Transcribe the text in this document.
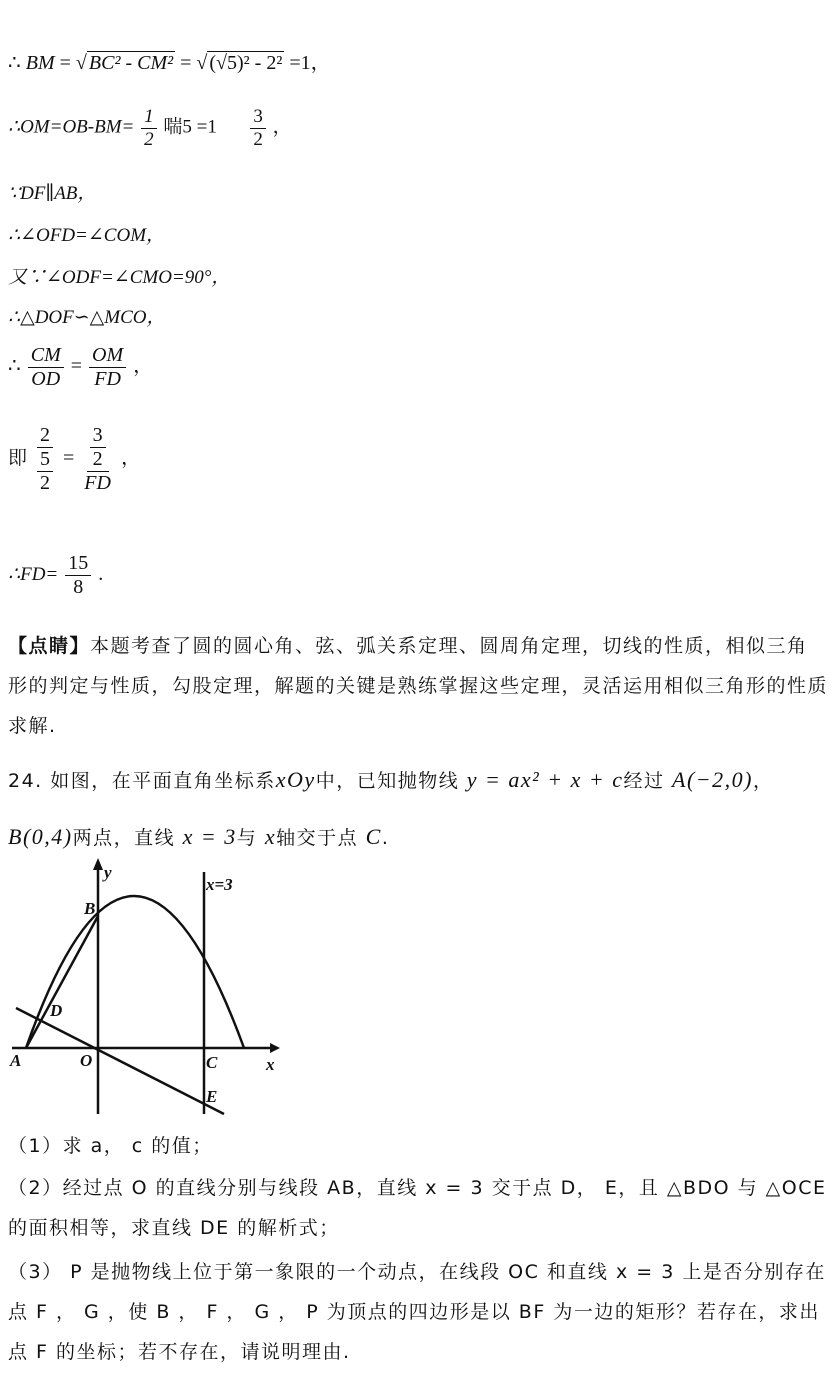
∴ BM = √ BC² - CM² = √ (√5)² - 2² =1，
∴OM=OB-BM= $\frac{1}{2}$ 喘$5 =1 \frac{3}{2}$ ，
∵DF∥AB，
∴∠OFD=∠COM，
又∵∠ODF=∠CMO=90°，
∴△DOF∽△MCO，
∴ $\frac{CM}{OD} = \frac{OM}{FD}$ ，
即 $\frac{2}{\frac{5}{2}} = \frac{\frac{3}{2}}{FD}$ ，
∴FD= $\frac{15}{8}$ .
【点睛】本题考查了圆的圆心角、弦、弧关系定理、圆周角定理，切线的性质，相似三角形的判定与性质，勾股定理，解题的关键是熟练掌握这些定理，灵活运用相似三角形的性质求解.
24. 如图，在平面直角坐标系xOy中，已知抛物线 y = ax² + x + c经过 A(−2,0)，
B(0,4)两点，直线 x = 3与 x轴交于点 C.
y
x
x=3
B
D
A	O	C
E
（1）求 a， c 的值；
（2）经过点 O 的直线分别与线段 AB，直线 x = 3 交于点 D， E，且 △BDO 与 △OCE 的面积相等，求直线 DE 的解析式；
（3） P 是抛物线上位于第一象限的一个动点，在线段 OC 和直线 x = 3 上是否分别存在点 F ， G ，使 B ， F ， G ， P 为顶点的四边形是以 BF 为一边的矩形？若存在，求出点 F 的坐标；若不存在，请说明理由.
